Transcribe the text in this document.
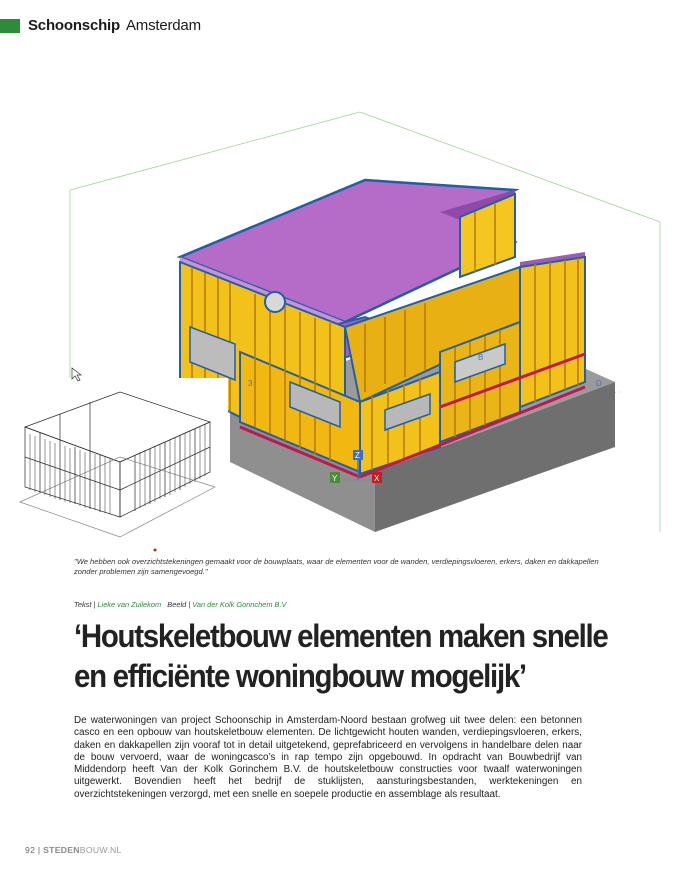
Schoonschip Amsterdam
B
D
4
3
Y	X
Z
"We hebben ook overzichtstekeningen gemaakt voor de bouwplaats, waar de elementen voor de wanden, verdiepingsvloeren, erkers, daken en dakkapellen zonder problemen zijn samengevoegd."
Tekst | Lieke van Zuilekom Beeld | Van der Kolk Gorinchem B.V
‘Houtskeletbouw elementen maken snelle
en efficiënte woningbouw mogelijk’
De waterwoningen van project Schoonschip in Amsterdam-Noord bestaan grofweg uit twee delen: een betonnen casco en een opbouw van houtskeletbouw elementen. De lichtgewicht houten wanden, verdiepingsvloeren, erkers, daken en dakkapellen zijn vooraf tot in detail uitgetekend, geprefabriceerd en vervolgens in handelbare delen naar de bouw vervoerd, waar de woningcasco’s in rap tempo zijn opgebouwd. In opdracht van Bouwbedrijf van Middendorp heeft Van der Kolk Gorinchem B.V. de houtskeletbouw constructies voor twaalf waterwoningen uitgewerkt. Bovendien heeft het bedrijf de stuklijsten, aansturingsbestanden, werktekeningen en overzichtstekeningen verzorgd, met een snelle en soepele productie en assemblage als resultaat.
92 | STEDENBOUW.NL
